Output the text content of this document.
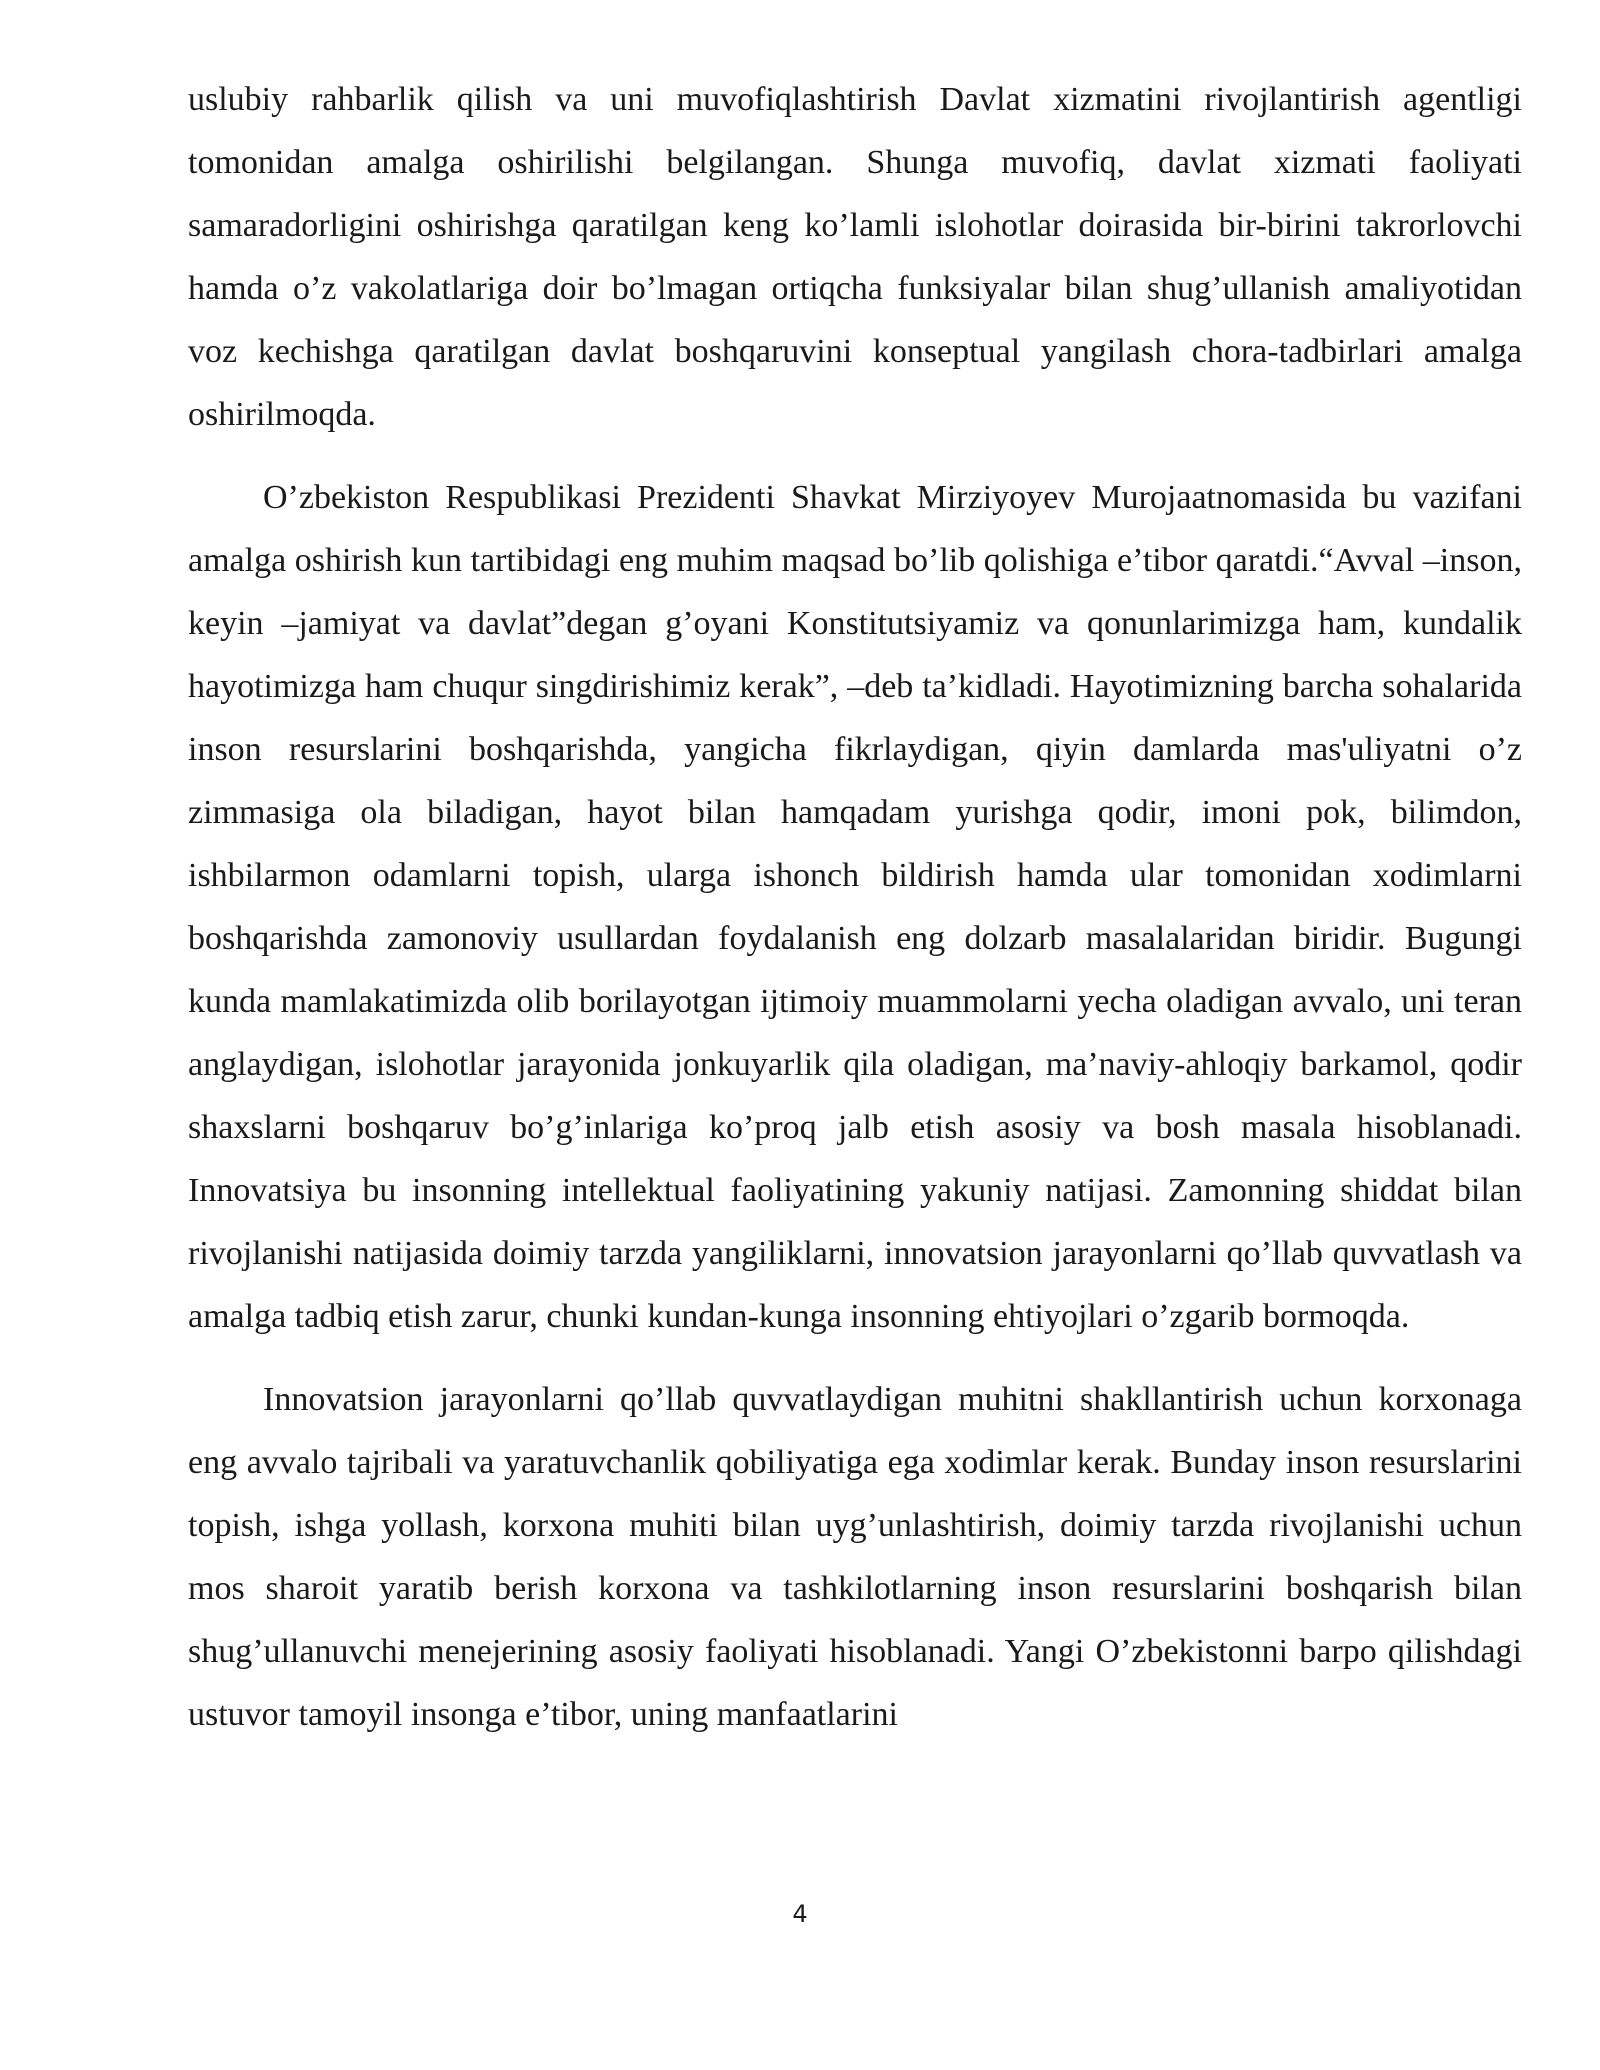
uslubiy rahbarlik qilish va uni muvofiqlashtirish Davlat xizmatini rivojlantirish agentligi tomonidan amalga oshirilishi belgilangan. Shunga muvofiq, davlat xizmati faoliyati samaradorligini oshirishga qaratilgan keng ko’lamli islohotlar doirasida bir-birini takrorlovchi hamda o’z vakolatlariga doir bo’lmagan ortiqcha funksiyalar bilan shug’ullanish amaliyotidan voz kechishga qaratilgan davlat boshqaruvini konseptual yangilash chora-tadbirlari amalga oshirilmoqda.

O’zbekiston Respublikasi Prezidenti Shavkat Mirziyoyev Murojaatnomasida bu vazifani amalga oshirish kun tartibidagi eng muhim maqsad bo’lib qolishiga e’tibor qaratdi.“Avval –inson, keyin –jamiyat va davlat”degan g’oyani Konstitutsiyamiz va qonunlarimizga ham, kundalik hayotimizga ham chuqur singdirishimiz kerak”, –deb ta’kidladi. Hayotimizning barcha sohalarida inson resurslarini boshqarishda, yangicha fikrlaydigan, qiyin damlarda mas'uliyatni o’z zimmasiga ola biladigan, hayot bilan hamqadam yurishga qodir, imoni pok, bilimdon, ishbilarmon odamlarni topish, ularga ishonch bildirish hamda ular tomonidan xodimlarni boshqarishda zamonoviy usullardan foydalanish eng dolzarb masalalaridan biridir. Bugungi kunda mamlakatimizda olib borilayotgan ijtimoiy muammolarni yecha oladigan avvalo, uni teran anglaydigan, islohotlar jarayonida jonkuyarlik qila oladigan, ma’naviy-ahloqiy barkamol, qodir shaxslarni boshqaruv bo’g’inlariga ko’proq jalb etish asosiy va bosh masala hisoblanadi. Innovatsiya bu insonning intellektual faoliyatining yakuniy natijasi. Zamonning shiddat bilan rivojlanishi natijasida doimiy tarzda yangiliklarni, innovatsion jarayonlarni qo’llab quvvatlash va amalga tadbiq etish zarur, chunki kundan-kunga insonning ehtiyojlari o’zgarib bormoqda.

Innovatsion jarayonlarni qo’llab quvvatlaydigan muhitni shakllantirish uchun korxonaga eng avvalo tajribali va yaratuvchanlik qobiliyatiga ega xodimlar kerak. Bunday inson resurslarini topish, ishga yollash, korxona muhiti bilan uyg’unlashtirish, doimiy tarzda rivojlanishi uchun mos sharoit yaratib berish korxona va tashkilotlarning inson resurslarini boshqarish bilan shug’ullanuvchi menejerining asosiy faoliyati hisoblanadi. Yangi O’zbekistonni barpo qilishdagi ustuvor tamoyil insonga e’tibor, uning manfaatlarini

4
